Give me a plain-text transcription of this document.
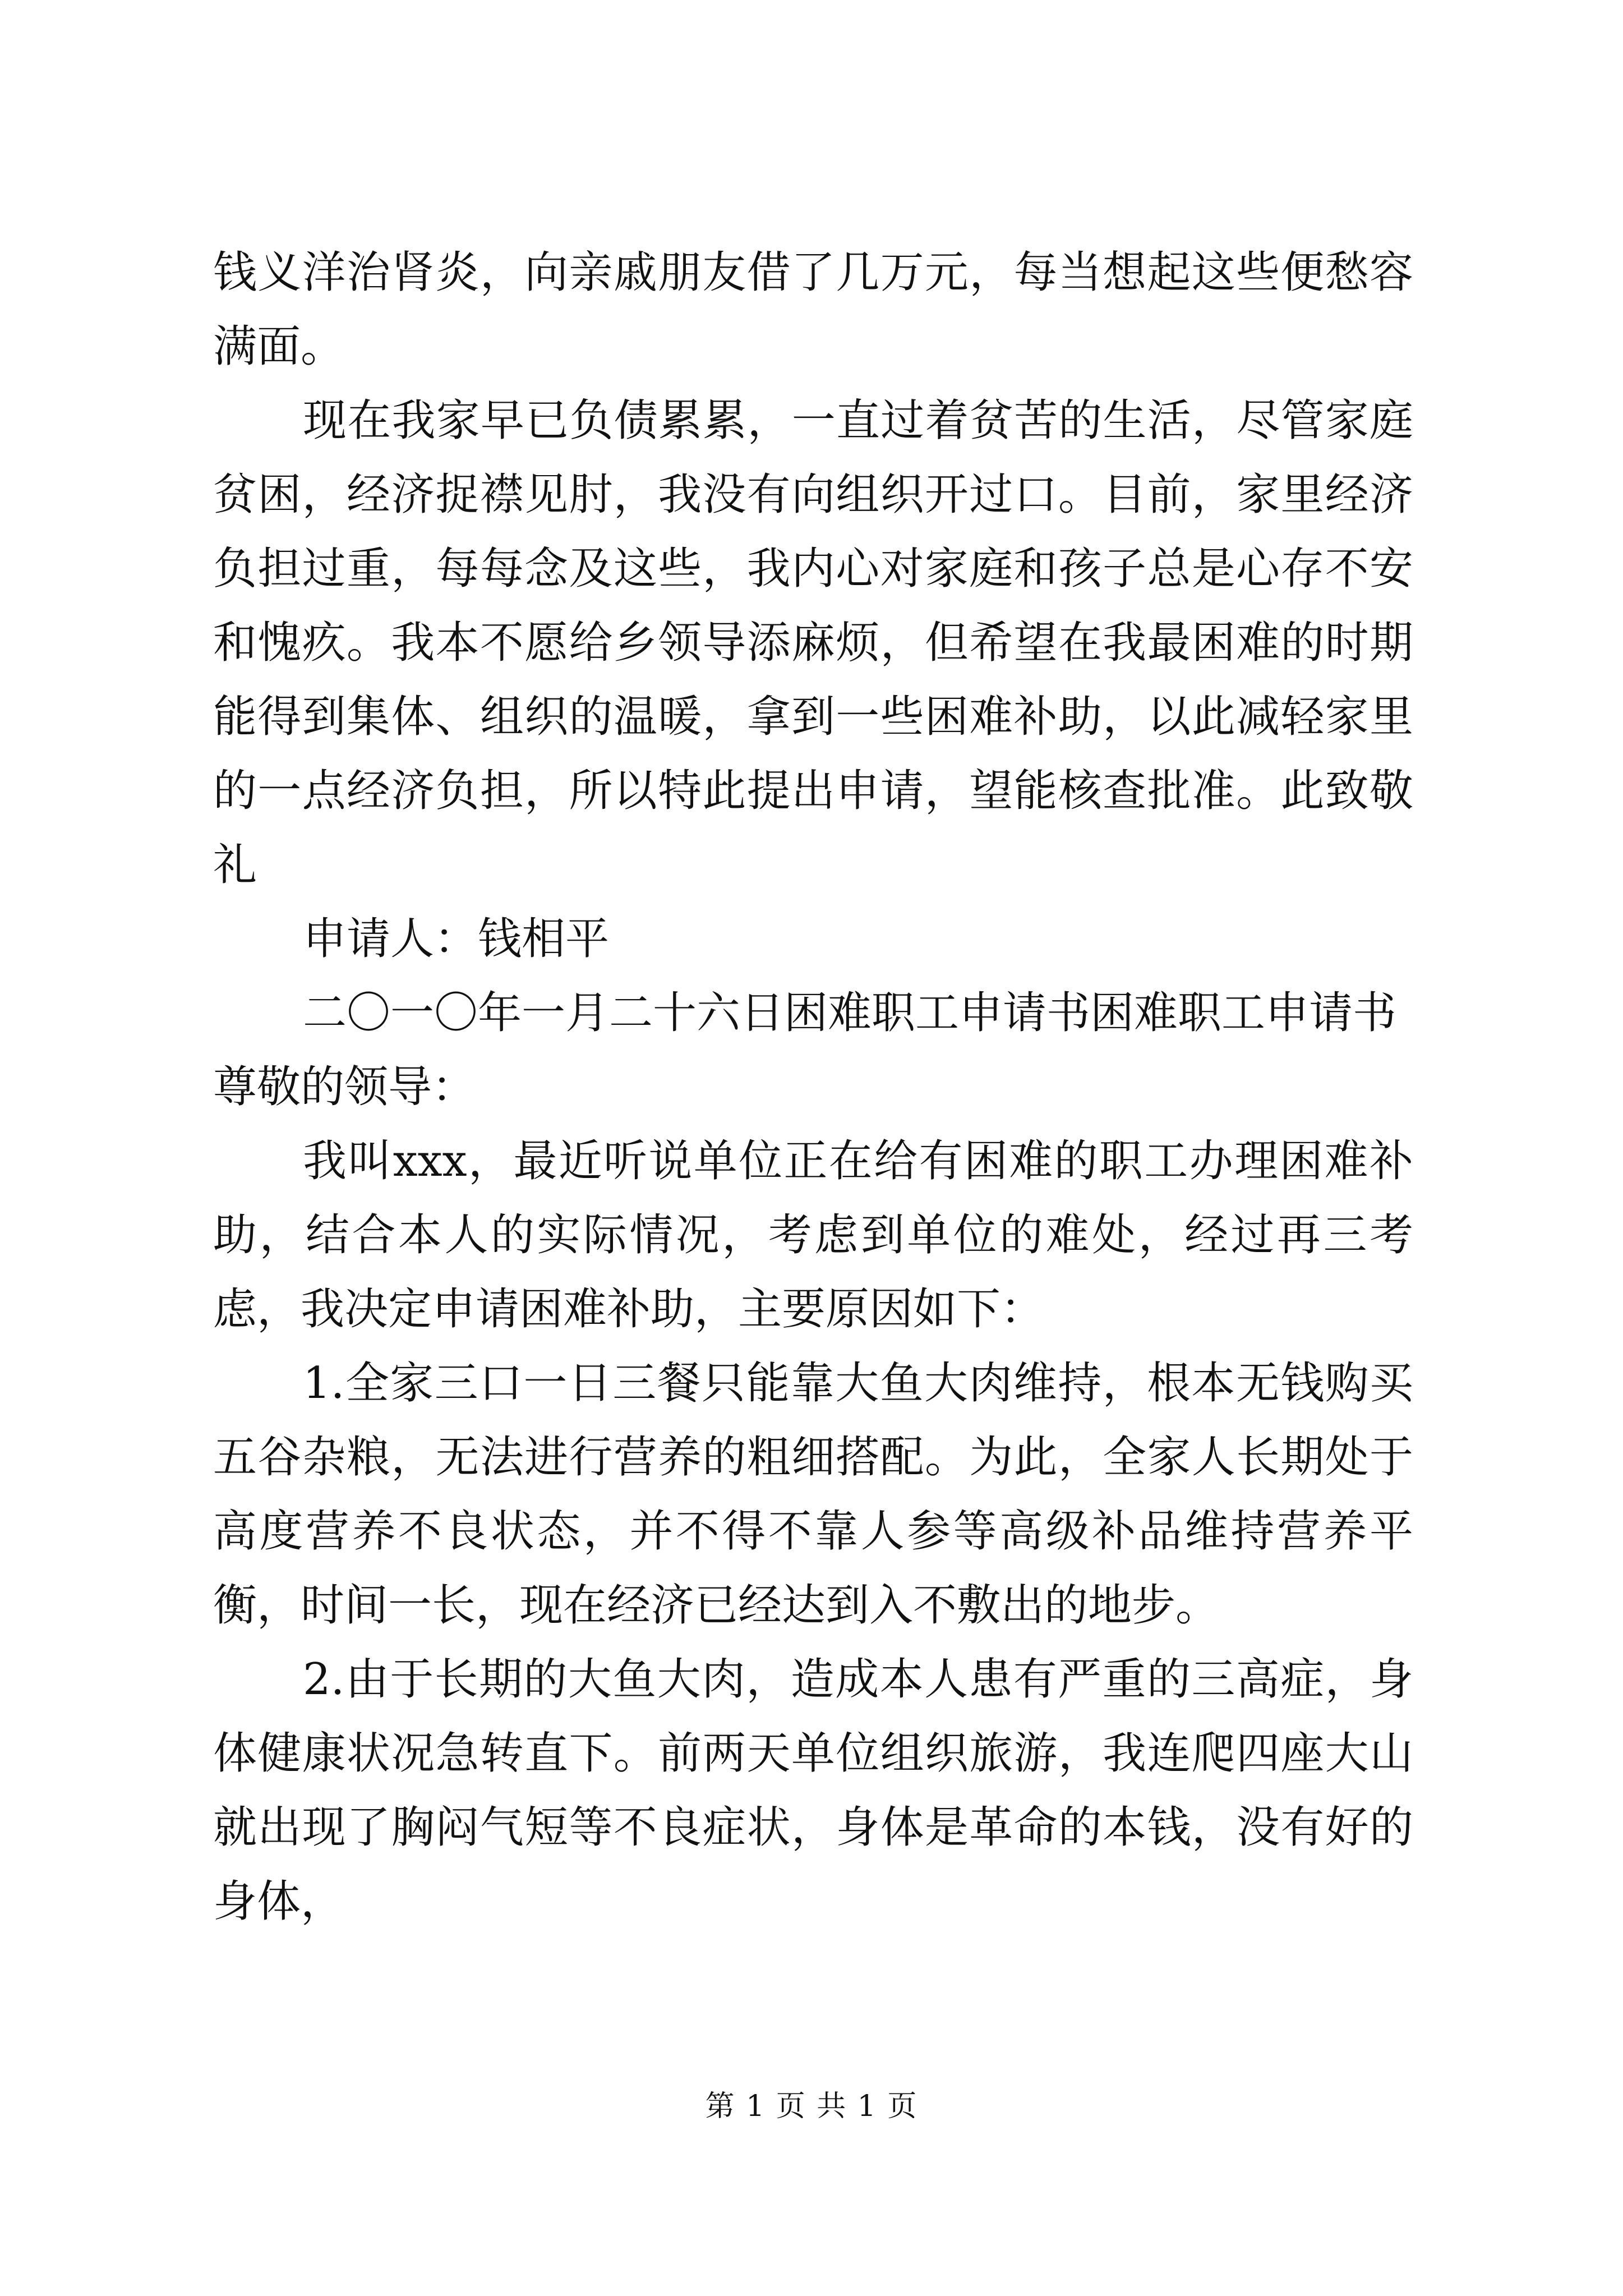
钱义洋治肾炎，向亲戚朋友借了几万元，每当想起这些便愁容满面。

现在我家早已负债累累，一直过着贫苦的生活，尽管家庭贫困，经济捉襟见肘，我没有向组织开过口。目前，家里经济负担过重，每每念及这些，我内心对家庭和孩子总是心存不安和愧疚。我本不愿给乡领导添麻烦，但希望在我最困难的时期能得到集体、组织的温暖，拿到一些困难补助，以此减轻家里的一点经济负担，所以特此提出申请，望能核查批准。此致敬礼

申请人：钱相平

二〇一〇年一月二十六日困难职工申请书困难职工申请书

尊敬的领导：

我叫xxx，最近听说单位正在给有困难的职工办理困难补助，结合本人的实际情况，考虑到单位的难处，经过再三考虑，我决定申请困难补助，主要原因如下：

1.全家三口一日三餐只能靠大鱼大肉维持，根本无钱购买五谷杂粮，无法进行营养的粗细搭配。为此，全家人长期处于高度营养不良状态，并不得不靠人参等高级补品维持营养平衡，时间一长，现在经济已经达到入不敷出的地步。

2.由于长期的大鱼大肉，造成本人患有严重的三高症，身体健康状况急转直下。前两天单位组织旅游，我连爬四座大山就出现了胸闷气短等不良症状，身体是革命的本钱，没有好的身体，

第 1 页 共 1 页
